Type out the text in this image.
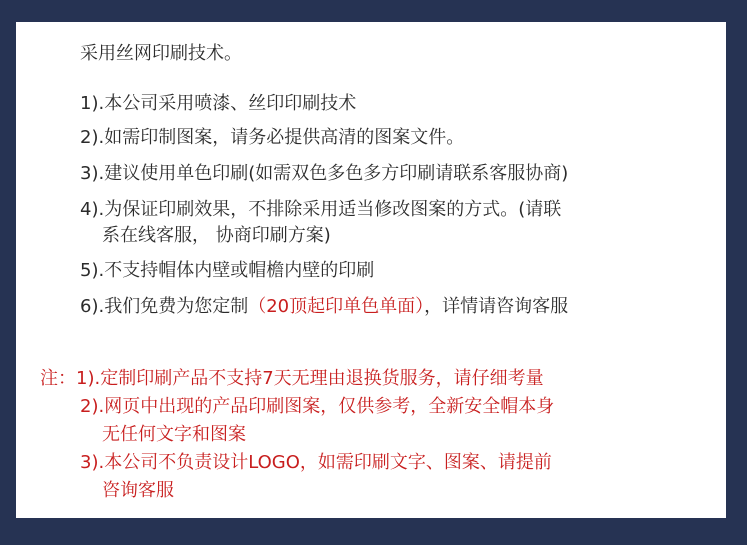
采用丝网印刷技术。
1).本公司采用喷漆、丝印印刷技术
2).如需印制图案，请务必提供高清的图案文件。
3).建议使用单色印刷(如需双色多色多方印刷请联系客服协商)
4).为保证印刷效果，不排除采用适当修改图案的方式。(请联
系在线客服， 协商印刷方案)
5).不支持帽体内壁或帽檐内壁的印刷
6).我们免费为您定制（20顶起印单色单面），详情请咨询客服
注：1).定制印刷产品不支持7天无理由退换货服务，请仔细考量
2).网页中出现的产品印刷图案，仅供参考，全新安全帽本身
无任何文字和图案
3).本公司不负责设计LOGO，如需印刷文字、图案、请提前
咨询客服
